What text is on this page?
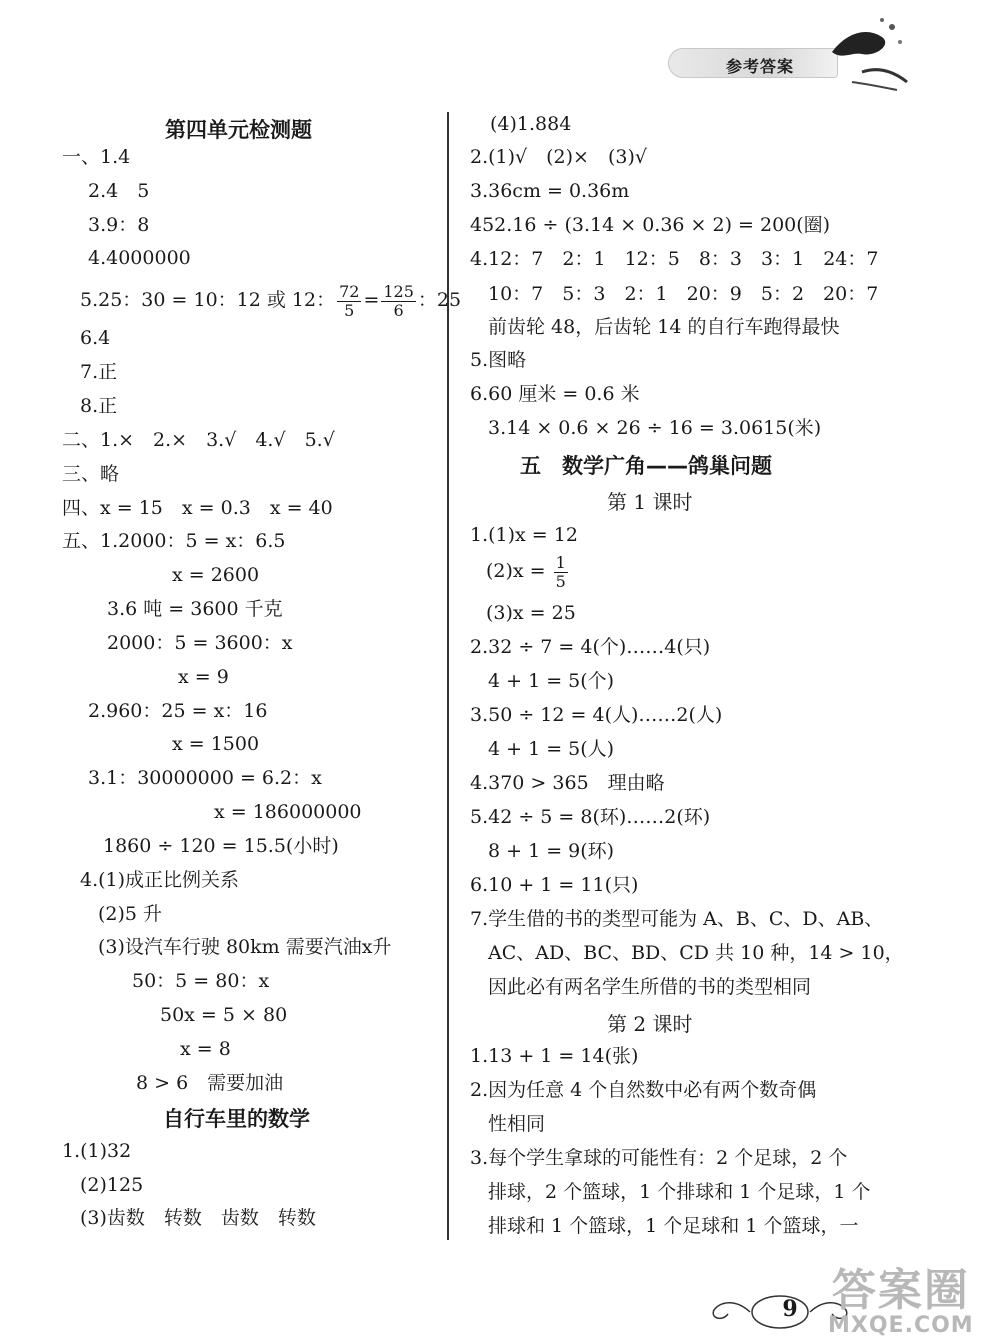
参考答案
第四单元检测题
一、1.4
2.4　5
3.9：8
4.4000000
5.25：30 = 10：12 或 12： $\frac{72}{5} = \frac{125}{6}$ ：25
6.4
7.正
8.正
二、1.×　2.×　3.√　4.√　5.√
三、略
四、x = 15　x = 0.3　x = 40
五、1.2000：5 = x：6.5
x = 2600
3.6 吨 = 3600 千克
2000：5 = 3600：x
x = 9
2.960：25 = x：16
x = 1500
3.1：30000000 = 6.2：x
x = 186000000
1860 ÷ 120 = 15.5(小时)
4.(1)成正比例关系
(2)5 升
(3)设汽车行驶 80km 需要汽油x升
50：5 = 80：x
50x = 5 × 80
x = 8
8 > 6　需要加油
自行车里的数学
1.(1)32
(2)125
(3)齿数　转数　齿数　转数
(4)1.884
2.(1)√　(2)×　(3)√
3.36cm = 0.36m
452.16 ÷ (3.14 × 0.36 × 2) = 200(圈)
4.12：7　2：1　12：5　8：3　3：1　24：7
10：7　5：3　2：1　20：9　5：2　20：7
前齿轮 48，后齿轮 14 的自行车跑得最快
5.图略
6.60 厘米 = 0.6 米
3.14 × 0.6 × 26 ÷ 16 = 3.0615(米)
五　数学广角——鸽巢问题
第 1 课时
1.(1)x = 12
$(2)x = \frac{1}{5}$
(3)x = 25
2.32 ÷ 7 = 4(个)……4(只)
4 + 1 = 5(个)
3.50 ÷ 12 = 4(人)……2(人)
4 + 1 = 5(人)
4.370 > 365　理由略
5.42 ÷ 5 = 8(环)……2(环)
8 + 1 = 9(环)
6.10 + 1 = 11(只)
7.学生借的书的类型可能为 A、B、C、D、AB、
AC、AD、BC、BD、CD 共 10 种，14 > 10，
因此必有两名学生所借的书的类型相同
第 2 课时
1.13 + 1 = 14(张)
2.因为任意 4 个自然数中必有两个数奇偶
性相同
3.每个学生拿球的可能性有：2 个足球，2 个
排球，2 个篮球，1 个排球和 1 个足球，1 个
排球和 1 个篮球，1 个足球和 1 个篮球，一
9 答案圈
MXQE.COM
